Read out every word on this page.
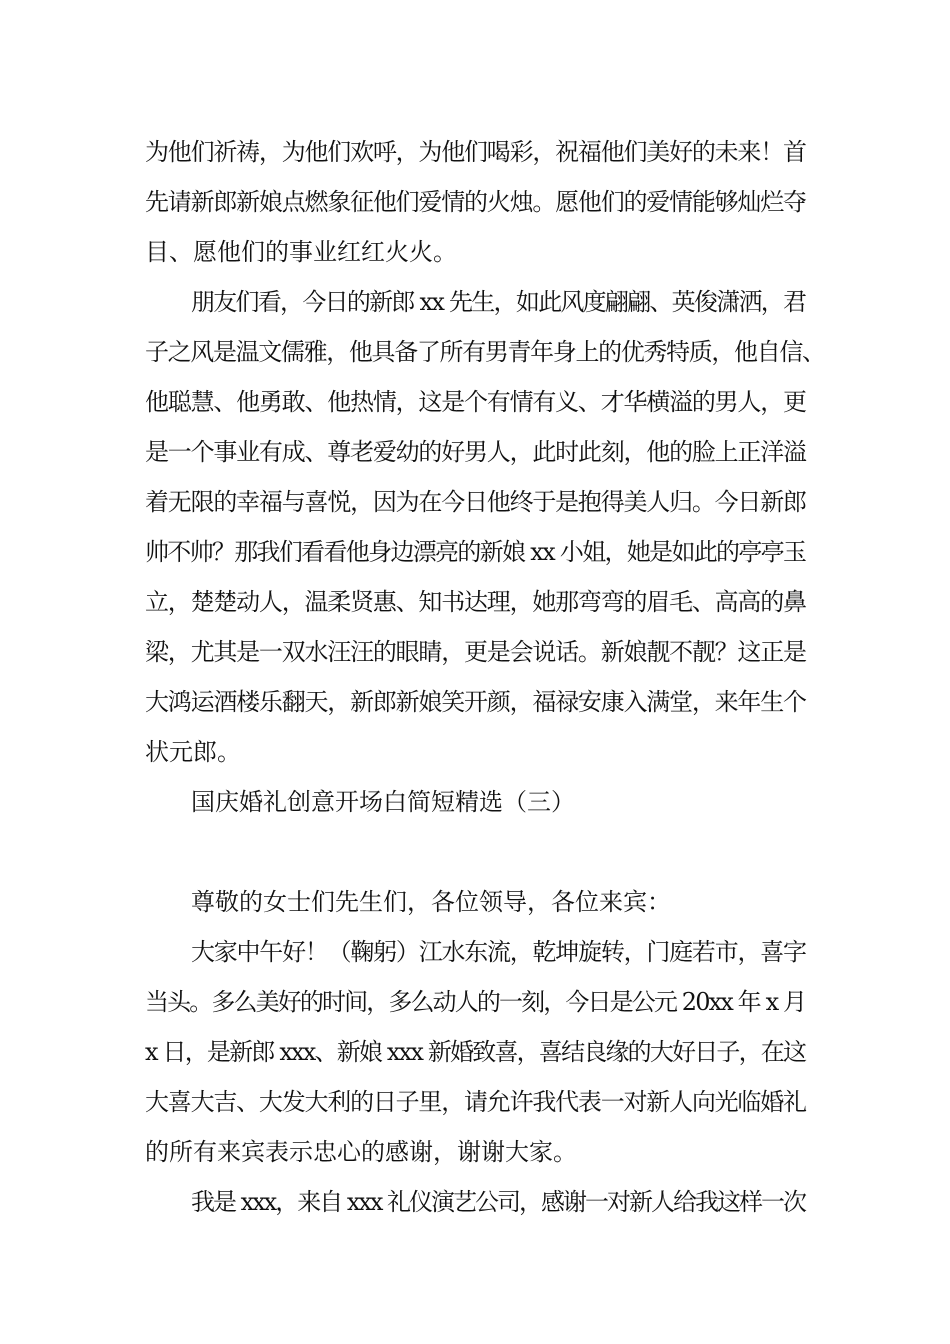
为他们祈祷，为他们欢呼，为他们喝彩，祝福他们美好的未来！首
先请新郎新娘点燃象征他们爱情的火烛。愿他们的爱情能够灿烂夺
目、愿他们的事业红红火火。
朋友们看，今日的新郎 xx 先生，如此风度翩翩、英俊潇洒，君
子之风是温文儒雅，他具备了所有男青年身上的优秀特质，他自信、
他聪慧、他勇敢、他热情，这是个有情有义、才华横溢的男人，更
是一个事业有成、尊老爱幼的好男人，此时此刻，他的脸上正洋溢
着无限的幸福与喜悦，因为在今日他终于是抱得美人归。今日新郎
帅不帅？那我们看看他身边漂亮的新娘 xx 小姐，她是如此的亭亭玉
立，楚楚动人，温柔贤惠、知书达理，她那弯弯的眉毛、高高的鼻
梁，尤其是一双水汪汪的眼睛，更是会说话。新娘靓不靓？这正是
大鸿运酒楼乐翻天，新郎新娘笑开颜，福禄安康入满堂，来年生个
状元郎。
国庆婚礼创意开场白简短精选（三）
尊敬的女士们先生们，各位领导，各位来宾：
大家中午好！（鞠躬）江水东流，乾坤旋转，门庭若市，喜字
当头。多么美好的时间，多么动人的一刻，今日是公元 20xx 年 x 月
x 日，是新郎 xxx、新娘 xxx 新婚致喜，喜结良缘的大好日子，在这
大喜大吉、大发大利的日子里，请允许我代表一对新人向光临婚礼
的所有来宾表示忠心的感谢，谢谢大家。
我是 xxx，来自 xxx 礼仪演艺公司，感谢一对新人给我这样一次
